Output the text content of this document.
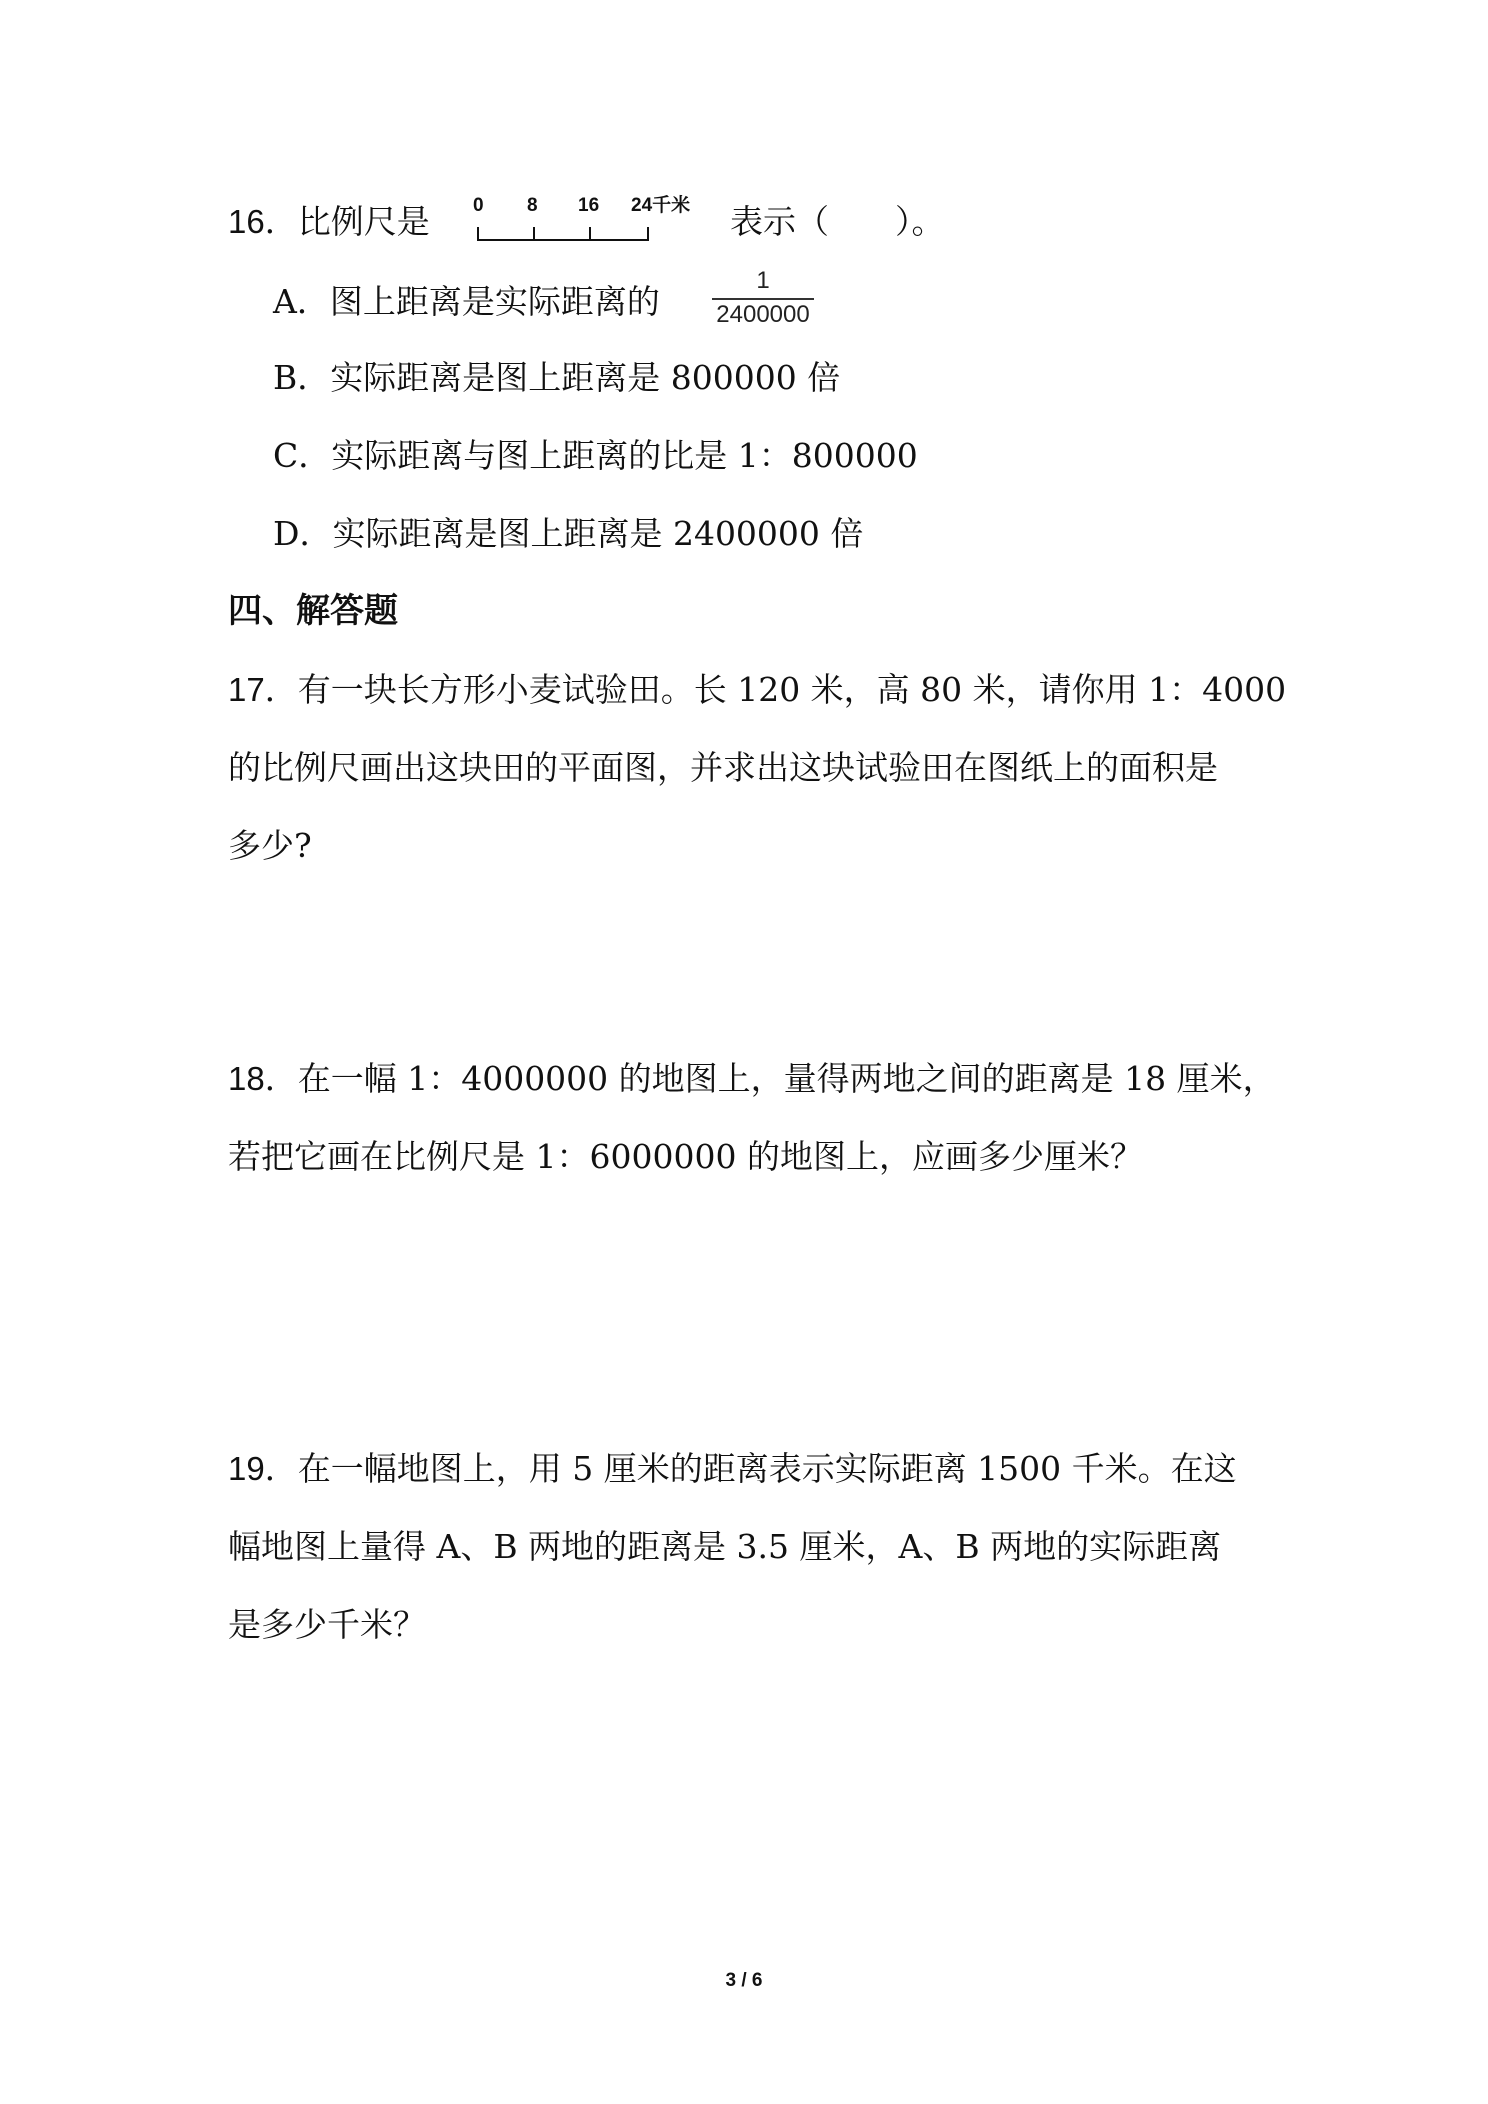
16．比例尺是 0 8 16 24千米 表示（　　）。
A．图上距离是实际距离的
1
2400000
B．实际距离是图上距离是 800000 倍
C．实际距离与图上距离的比是 1：800000
D．实际距离是图上距离是 2400000 倍
四、解答题
17．有一块长方形小麦试验田。长 120 米，高 80 米，请你用 1：4000
的比例尺画出这块田的平面图，并求出这块试验田在图纸上的面积是
多少?
18．在一幅 1：4000000 的地图上，量得两地之间的距离是 18 厘米，
若把它画在比例尺是 1：6000000 的地图上，应画多少厘米？
19．在一幅地图上，用 5 厘米的距离表示实际距离 1500 千米。在这
幅地图上量得 A、B 两地的距离是 3.5 厘米，A、B 两地的实际距离
是多少千米？
3 / 6
